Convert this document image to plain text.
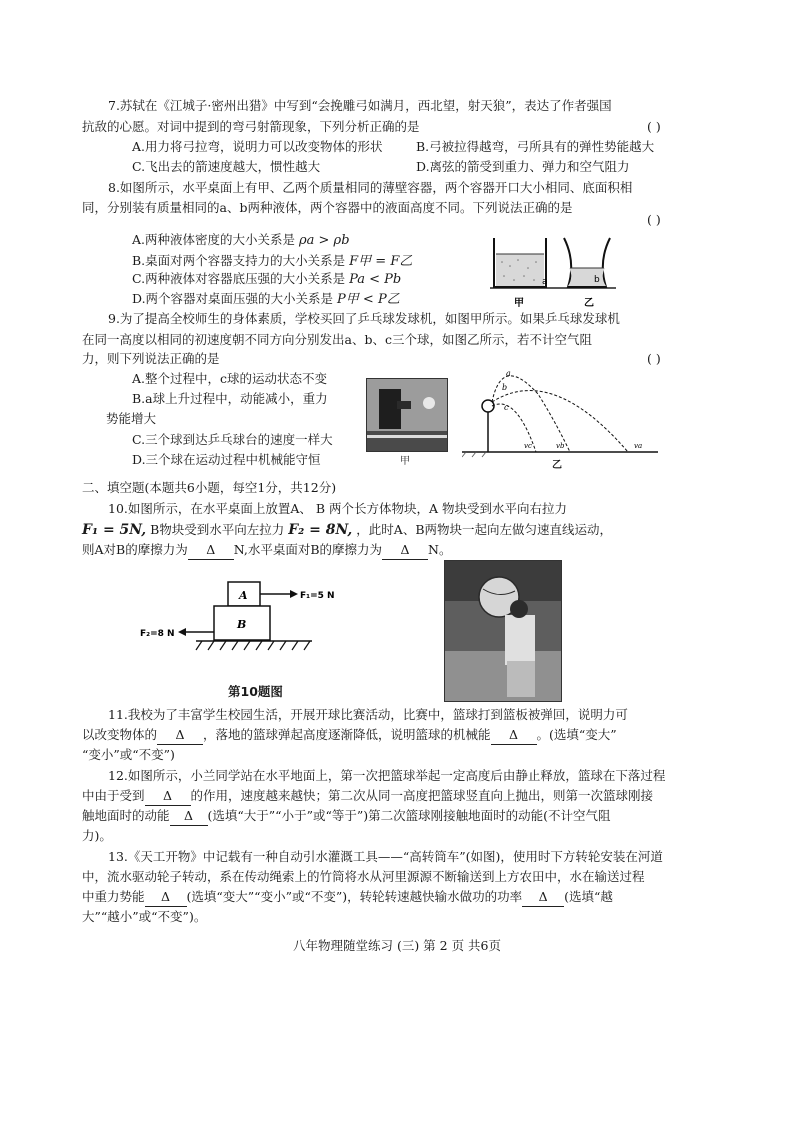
7.苏轼在《江城子·密州出猎》中写到“会挽雕弓如满月，西北望，射天狼”，表达了作者强国
抗敌的心愿。对词中提到的弯弓射箭现象，下列分析正确的是	( )
A.用力将弓拉弯，说明力可以改变物体的形状	B.弓被拉得越弯，弓所具有的弹性势能越大
C.飞出去的箭速度越大，惯性越大	D.离弦的箭受到重力、弹力和空气阻力
8.如图所示，水平桌面上有甲、乙两个质量相同的薄壁容器，两个容器开口大小相同、底面积相
同，分别装有质量相同的a、b两种液体，两个容器中的液面高度不同。下列说法正确的是
( )
A.两种液体密度的大小关系是 ρa > ρb
B.桌面对两个容器支持力的大小关系是 F甲 = F乙
C.两种液体对容器底压强的大小关系是 Pa < Pb
D.两个容器对桌面压强的大小关系是 P甲 < P乙
a	b
甲	乙
9.为了提高全校师生的身体素质，学校买回了乒乓球发球机，如图甲所示。如果乒乓球发球机
在同一高度以相同的初速度朝不同方向分别发出a、b、c三个球，如图乙所示，若不计空气阻
力，则下列说法正确的是	( )
A.整个过程中，c球的运动状态不变
B.a球上升过程中，动能减小，重力
势能增大
C.三个球到达乒乓球台的速度一样大
D.三个球在运动过程中机械能守恒	甲
a
b
c
vc	vb	va
乙
二、填空题(本题共6小题，每空1分，共12分)
10.如图所示，在水平桌面上放置A、 B 两个长方体物块，A 物块受到水平向右拉力
F₁ = 5N, B物块受到水平向左拉力 F₂ = 8N, ，此时A、B两物块一起向左做匀速直线运动，
则A对B的摩擦力为 Δ N,水平桌面对B的摩擦力为 Δ N。
A
B
F₁=5 N
F₂=8 N
第10题图
11.我校为了丰富学生校园生活，开展开球比赛活动，比赛中，篮球打到篮板被弹回，说明力可
以改变物体的 Δ ，落地的篮球弹起高度逐渐降低，说明篮球的机械能 Δ 。(选填“变大”
“变小”或“不变”)
12.如图所示，小兰同学站在水平地面上，第一次把篮球举起一定高度后由静止释放，篮球在下落过程
中由于受到 Δ 的作用，速度越来越快；第二次从同一高度把篮球竖直向上抛出，则第一次篮球刚接
触地面时的动能 Δ (选填“大于”“小于”或“等于”)第二次篮球刚接触地面时的动能(不计空气阻
力)。
13.《天工开物》中记载有一种自动引水灌溉工具——“高转筒车”(如图)，使用时下方转轮安装在河道
中，流水驱动轮子转动，系在传动绳索上的竹筒将水从河里源源不断输送到上方农田中，水在输送过程
中重力势能 Δ (选填“变大”“变小”或“不变”)，转轮转速越快输水做功的功率 Δ (选填“越
大”“越小”或“不变”)。
八年物理随堂练习 (三) 第 2 页 共6页
